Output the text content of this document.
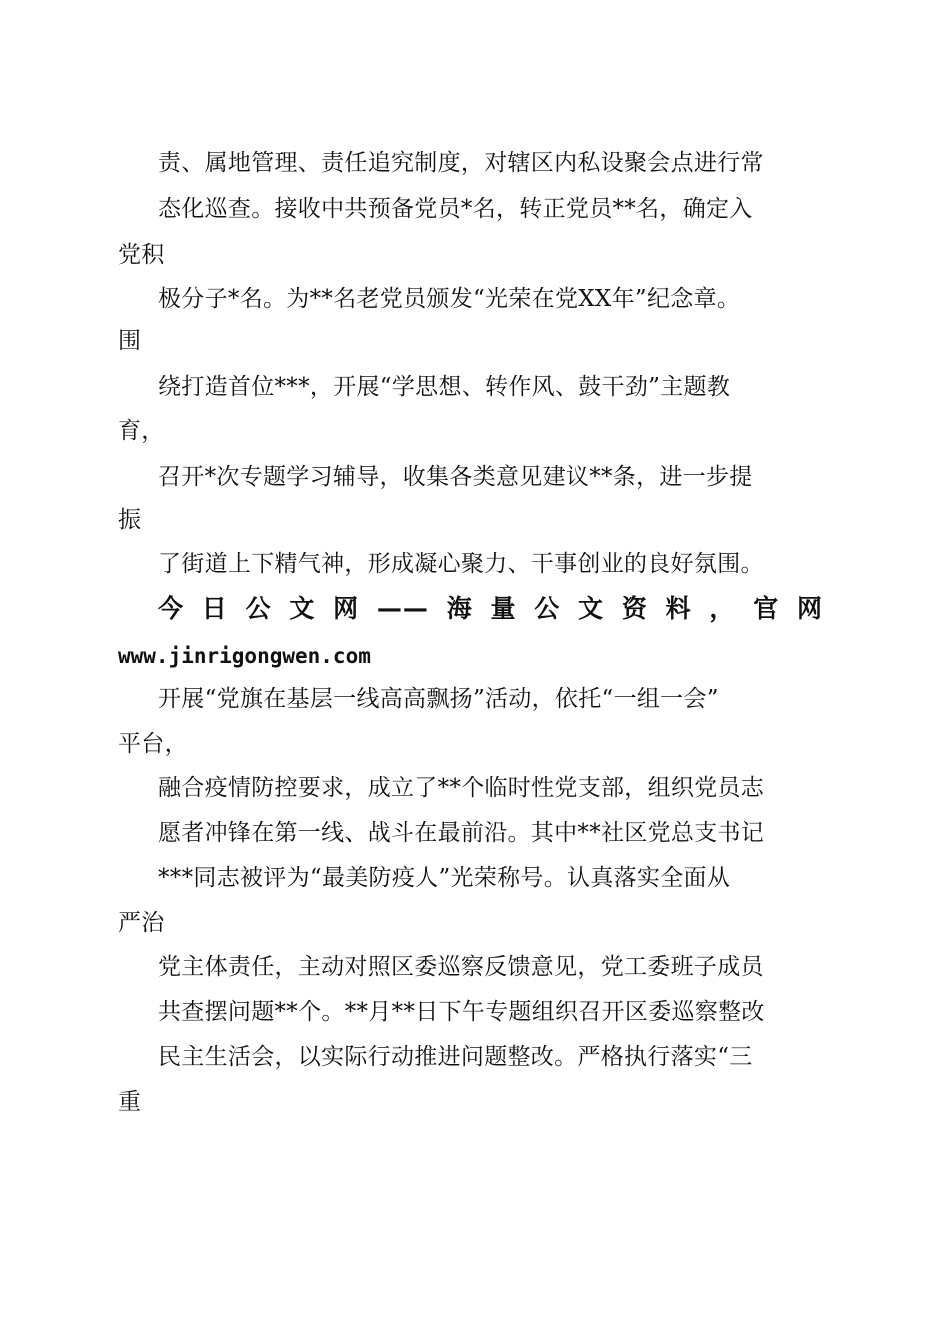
责、属地管理、责任追究制度，对辖区内私设聚会点进行常
态化巡查。接收中共预备党员*名，转正党员**名，确定入
党积
极分子*名。为**名老党员颁发“光荣在党XX年”纪念章。
围
绕打造首位***，开展“学思想、转作风、鼓干劲”主题教
育，
召开*次专题学习辅导，收集各类意见建议**条，进一步提
振
了街道上下精气神，形成凝心聚力、干事创业的良好氛围。
今日公文网——海量公文资料，官网
www.jinrigongwen.com
开展“党旗在基层一线高高飘扬”活动，依托“一组一会”
平台，
融合疫情防控要求，成立了**个临时性党支部，组织党员志
愿者冲锋在第一线、战斗在最前沿。其中**社区党总支书记
***同志被评为“最美防疫人”光荣称号。认真落实全面从
严治
党主体责任，主动对照区委巡察反馈意见，党工委班子成员
共查摆问题**个。**月**日下午专题组织召开区委巡察整改
民主生活会，以实际行动推进问题整改。严格执行落实“三
重
